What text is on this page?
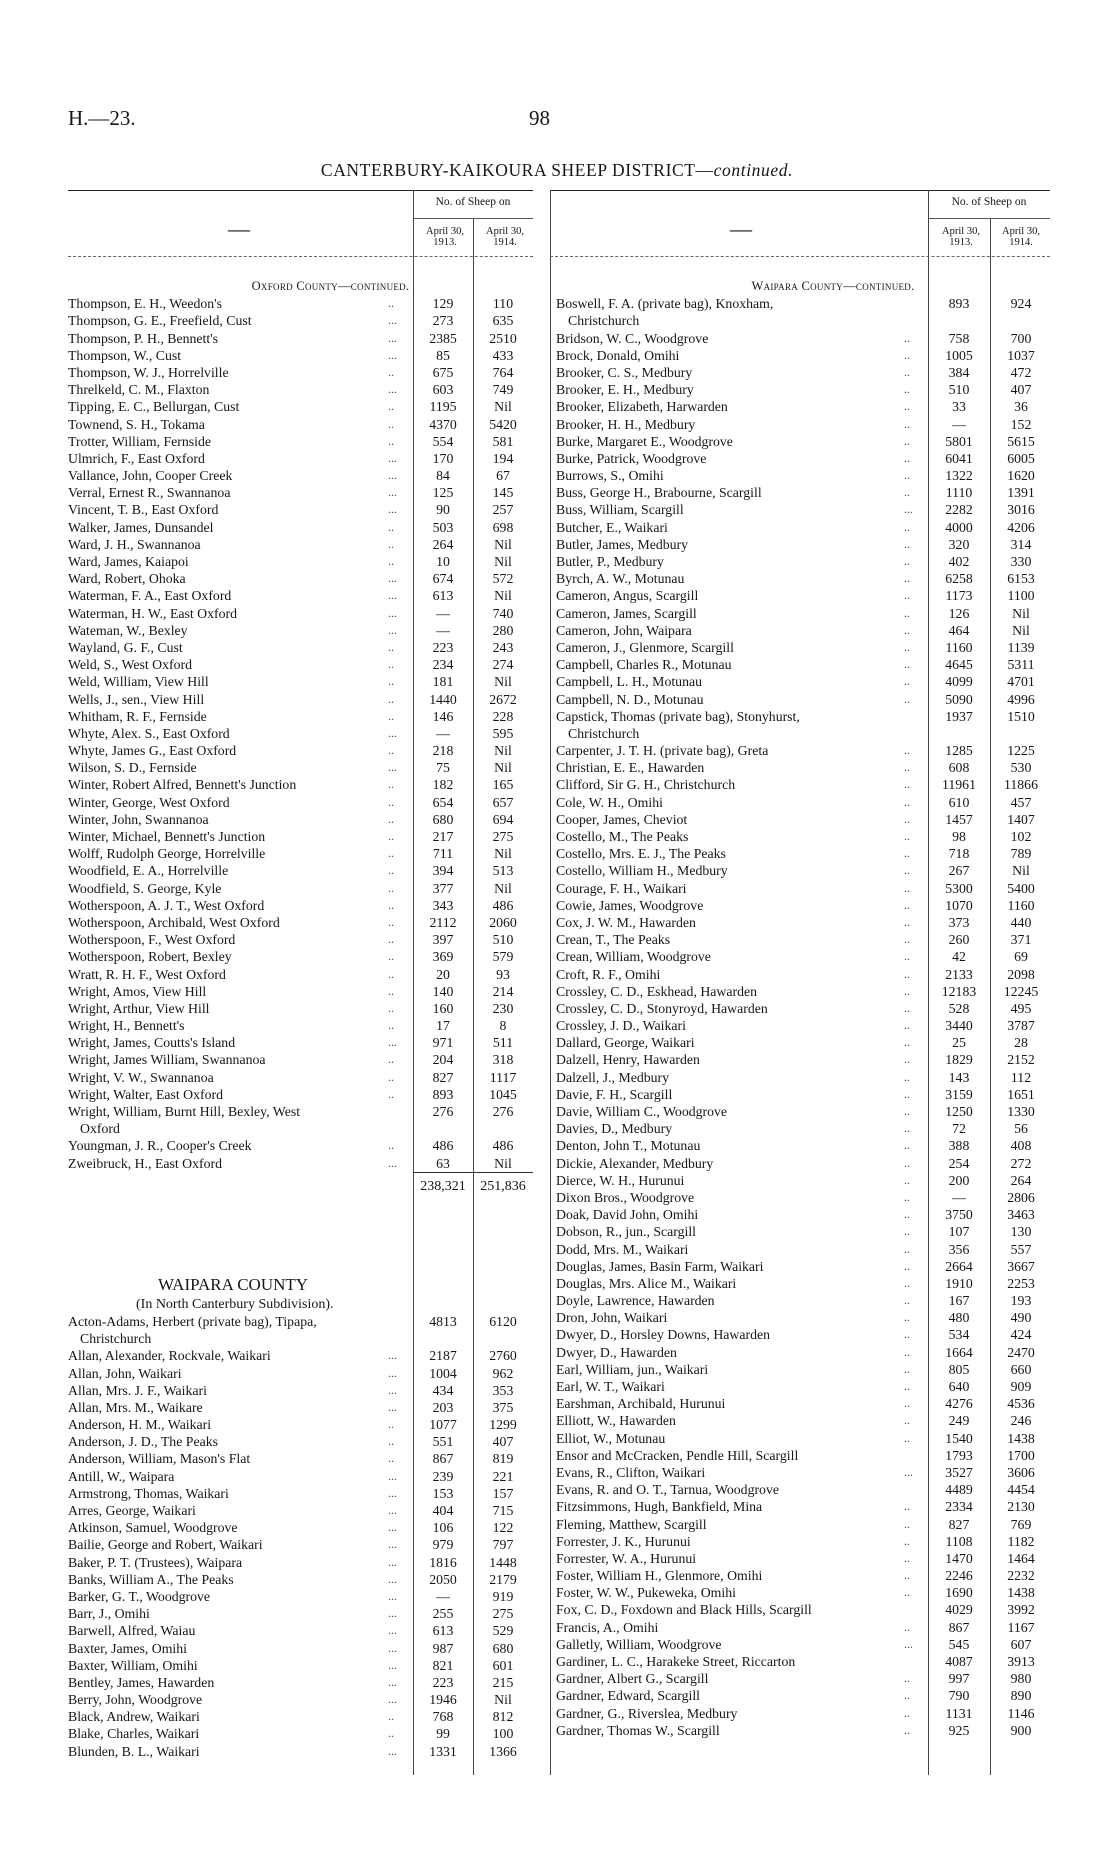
H.—23.	98
CANTERBURY-KAIKOURA SHEEP DISTRICT—continued.
No. of Sheep on
—	April 30, 1913.
April 30, 1914.
Oxford County—continued.
Thompson, E. H., Weedon's	..	129	110
Thompson, G. E., Freefield, Cust	...	273	635
Thompson, P. H., Bennett's	...	2385	2510
Thompson, W., Cust	...	85	433
Thompson, W. J., Horrelville	..	675	764
Threlkeld, C. M., Flaxton	...	603	749
Tipping, E. C., Bellurgan, Cust	..	1195	Nil
Townend, S. H., Tokama	..	4370	5420
Trotter, William, Fernside	..	554	581
Ulmrich, F., East Oxford	...	170	194
Vallance, John, Cooper Creek	...	84	67
Verral, Ernest R., Swannanoa	...	125	145
Vincent, T. B., East Oxford	...	90	257
Walker, James, Dunsandel	..	503	698
Ward, J. H., Swannanoa	..	264	Nil
Ward, James, Kaiapoi	..	10	Nil
Ward, Robert, Ohoka	...	674	572
Waterman, F. A., East Oxford	...	613	Nil
Waterman, H. W., East Oxford	...	—	740
Wateman, W., Bexley	...	—	280
Wayland, G. F., Cust	..	223	243
Weld, S., West Oxford	..	234	274
Weld, William, View Hill	..	181	Nil
Wells, J., sen., View Hill	..	1440	2672
Whitham, R. F., Fernside	..	146	228
Whyte, Alex. S., East Oxford	...	—	595
Whyte, James G., East Oxford	..	218	Nil
Wilson, S. D., Fernside	...	75	Nil
Winter, Robert Alfred, Bennett's Junction	..	182	165
Winter, George, West Oxford	..	654	657
Winter, John, Swannanoa	..	680	694
Winter, Michael, Bennett's Junction	..	217	275
Wolff, Rudolph George, Horrelville	..	711	Nil
Woodfield, E. A., Horrelville	..	394	513
Woodfield, S. George, Kyle	..	377	Nil
Wotherspoon, A. J. T., West Oxford	..	343	486
Wotherspoon, Archibald, West Oxford	..	2112	2060
Wotherspoon, F., West Oxford	..	397	510
Wotherspoon, Robert, Bexley	..	369	579
Wratt, R. H. F., West Oxford	..	20	93
Wright, Amos, View Hill	..	140	214
Wright, Arthur, View Hill	..	160	230
Wright, H., Bennett's	..	17	8
Wright, James, Coutts's Island	...	971	511
Wright, James William, Swannanoa	..	204	318
Wright, V. W., Swannanoa	..	827	1117
Wright, Walter, East Oxford	..	893	1045
Wright, William, Burnt Hill, Bexley, West	276	276
Oxford
Youngman, J. R., Cooper's Creek	..	486	486
Zweibruck, H., East Oxford	...	63	Nil
238,321	251,836
WAIPARA COUNTY
(In North Canterbury Subdivision).
Acton-Adams, Herbert (private bag), Tipapa,	4813	6120
Christchurch
Allan, Alexander, Rockvale, Waikari	...	2187	2760
Allan, John, Waikari	...	1004	962
Allan, Mrs. J. F., Waikari	...	434	353
Allan, Mrs. M., Waikare	...	203	375
Anderson, H. M., Waikari	..	1077	1299
Anderson, J. D., The Peaks	..	551	407
Anderson, William, Mason's Flat	..	867	819
Antill, W., Waipara	...	239	221
Armstrong, Thomas, Waikari	...	153	157
Arres, George, Waikari	...	404	715
Atkinson, Samuel, Woodgrove	...	106	122
Bailie, George and Robert, Waikari	...	979	797
Baker, P. T. (Trustees), Waipara	...	1816	1448
Banks, William A., The Peaks	...	2050	2179
Barker, G. T., Woodgrove	...	—	919
Barr, J., Omihi	...	255	275
Barwell, Alfred, Waiau	...	613	529
Baxter, James, Omihi	...	987	680
Baxter, William, Omihi	...	821	601
Bentley, James, Hawarden	...	223	215
Berry, John, Woodgrove	...	1946	Nil
Black, Andrew, Waikari	..	768	812
Blake, Charles, Waikari	..	99	100
Blunden, B. L., Waikari	...	1331	1366
No. of Sheep on
—	April 30, 1913.
April 30, 1914.
Waipara County—continued.
Boswell, F. A. (private bag), Knoxham,	893	924
Christchurch
Bridson, W. C., Woodgrove	..	758	700
Brock, Donald, Omihi	..	1005	1037
Brooker, C. S., Medbury	..	384	472
Brooker, E. H., Medbury	..	510	407
Brooker, Elizabeth, Harwarden	..	33	36
Brooker, H. H., Medbury	..	—	152
Burke, Margaret E., Woodgrove	..	5801	5615
Burke, Patrick, Woodgrove	..	6041	6005
Burrows, S., Omihi	..	1322	1620
Buss, George H., Brabourne, Scargill	..	1110	1391
Buss, William, Scargill	...	2282	3016
Butcher, E., Waikari	..	4000	4206
Butler, James, Medbury	..	320	314
Butler, P., Medbury	..	402	330
Byrch, A. W., Motunau	..	6258	6153
Cameron, Angus, Scargill	..	1173	1100
Cameron, James, Scargill	..	126	Nil
Cameron, John, Waipara	..	464	Nil
Cameron, J., Glenmore, Scargill	..	1160	1139
Campbell, Charles R., Motunau	..	4645	5311
Campbell, L. H., Motunau	..	4099	4701
Campbell, N. D., Motunau	..	5090	4996
Capstick, Thomas (private bag), Stonyhurst,	1937	1510
Christchurch
Carpenter, J. T. H. (private bag), Greta	..	1285	1225
Christian, E. E., Hawarden	..	608	530
Clifford, Sir G. H., Christchurch	..	11961	11866
Cole, W. H., Omihi	..	610	457
Cooper, James, Cheviot	..	1457	1407
Costello, M., The Peaks	..	98	102
Costello, Mrs. E. J., The Peaks	..	718	789
Costello, William H., Medbury	..	267	Nil
Courage, F. H., Waikari	..	5300	5400
Cowie, James, Woodgrove	..	1070	1160
Cox, J. W. M., Hawarden	..	373	440
Crean, T., The Peaks	..	260	371
Crean, William, Woodgrove	..	42	69
Croft, R. F., Omihi	..	2133	2098
Crossley, C. D., Eskhead, Hawarden	..	12183	12245
Crossley, C. D., Stonyroyd, Hawarden	..	528	495
Crossley, J. D., Waikari	..	3440	3787
Dallard, George, Waikari	..	25	28
Dalzell, Henry, Hawarden	..	1829	2152
Dalzell, J., Medbury	..	143	112
Davie, F. H., Scargill	..	3159	1651
Davie, William C., Woodgrove	..	1250	1330
Davies, D., Medbury	..	72	56
Denton, John T., Motunau	..	388	408
Dickie, Alexander, Medbury	..	254	272
Dierce, W. H., Hurunui	..	200	264
Dixon Bros., Woodgrove	..	—	2806
Doak, David John, Omihi	..	3750	3463
Dobson, R., jun., Scargill	..	107	130
Dodd, Mrs. M., Waikari	..	356	557
Douglas, James, Basin Farm, Waikari	..	2664	3667
Douglas, Mrs. Alice M., Waikari	..	1910	2253
Doyle, Lawrence, Hawarden	..	167	193
Dron, John, Waikari	..	480	490
Dwyer, D., Horsley Downs, Hawarden	..	534	424
Dwyer, D., Hawarden	..	1664	2470
Earl, William, jun., Waikari	..	805	660
Earl, W. T., Waikari	..	640	909
Earshman, Archibald, Hurunui	..	4276	4536
Elliott, W., Hawarden	..	249	246
Elliot, W., Motunau	..	1540	1438
Ensor and McCracken, Pendle Hill, Scargill	1793	1700
Evans, R., Clifton, Waikari	...	3527	3606
Evans, R. and O. T., Tarnua, Woodgrove	4489	4454
Fitzsimmons, Hugh, Bankfield, Mina	..	2334	2130
Fleming, Matthew, Scargill	..	827	769
Forrester, J. K., Hurunui	..	1108	1182
Forrester, W. A., Hurunui	..	1470	1464
Foster, William H., Glenmore, Omihi	..	2246	2232
Foster, W. W., Pukeweka, Omihi	..	1690	1438
Fox, C. D., Foxdown and Black Hills, Scargill	4029	3992
Francis, A., Omihi	..	867	1167
Galletly, William, Woodgrove	...	545	607
Gardiner, L. C., Harakeke Street, Riccarton	4087	3913
Gardner, Albert G., Scargill	..	997	980
Gardner, Edward, Scargill	..	790	890
Gardner, G., Riverslea, Medbury	..	1131	1146
Gardner, Thomas W., Scargill	..	925	900
